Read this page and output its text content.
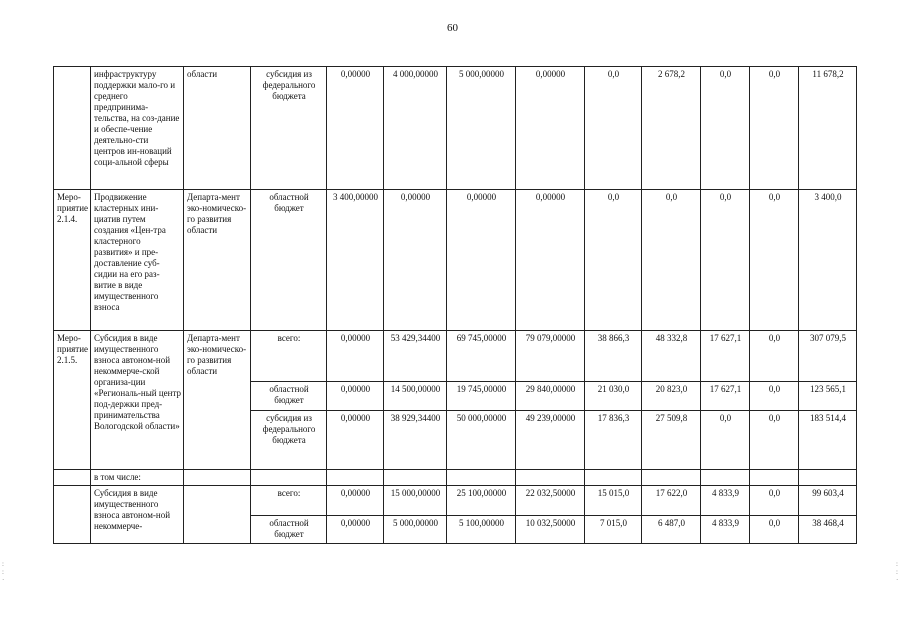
60
	инфраструктуру поддержки мало-го и среднего предпринима-тельства, на соз-дание и обеспе-чение деятельно-сти центров ин-новаций соци-альной сферы	области	субсидия из федерального бюджета	0,00000	4 000,00000	5 000,00000	0,00000	0,0	2 678,2	0,0	0,0	11 678,2
Меро-приятие 2.1.4.	Продвижение кластерных ини-циатив путем создания «Цен-тра кластерного развития» и пре-доставление суб-сидии на его раз-витие в виде имущественного взноса	Департа-мент эко-номическо-го развития области	областной бюджет	3 400,00000	0,00000	0,00000	0,00000	0,0	0,0	0,0	0,0	3 400,0
Меро-приятие 2.1.5.	Субсидия в виде имущественного взноса автоном-ной некоммерче-ской организа-ции «Региональ-ный центр под-держки пред-принимательства Вологодской области»	Департа-мент эко-номическо-го развития области	всего:	0,00000	53 429,34400	69 745,00000	79 079,00000	38 866,3	48 332,8	17 627,1	0,0	307 079,5
			областной бюджет	0,00000	14 500,00000	19 745,00000	29 840,00000	21 030,0	20 823,0	17 627,1	0,0	123 565,1
			субсидия из федерального бюджета	0,00000	38 929,34400	50 000,00000	49 239,00000	17 836,3	27 509,8	0,0	0,0	183 514,4
	в том числе:											
	Субсидия в виде имущественного взноса автоном-ной некоммерче-		всего:	0,00000	15 000,00000	25 100,00000	22 032,50000	15 015,0	17 622,0	4 833,9	0,0	99 603,4
			областной бюджет	0,00000	5 000,00000	5 100,00000	10 032,50000	7 015,0	6 487,0	4 833,9	0,0	38 468,4
:
:
·
:
:
·
